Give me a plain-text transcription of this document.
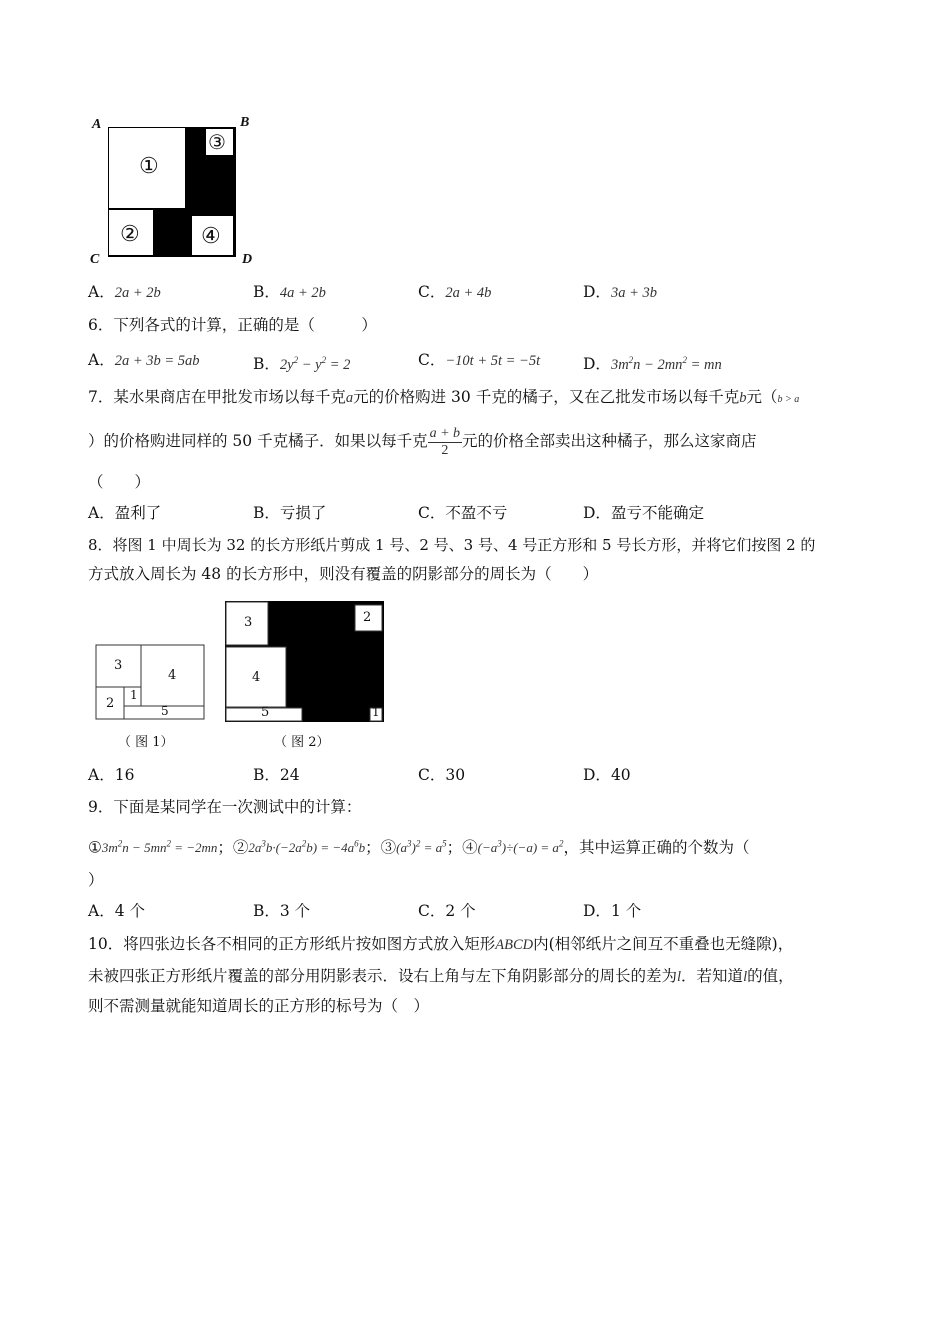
A	B
C	D
①
②
③
④
A．2a + 2b	B．4a + 2b	C．2a + 4b	D．3a + 3b
6．下列各式的计算，正确的是（　　　）
A．2a + 3b = 5ab	B．$2y^2 - y^2 = 2$	C．−10t + 5t = −5t	D．$3m^2n - 2mn^2$ = mn
7．某水果商店在甲批发市场以每千克a元的价格购进 30 千克的橘子，又在乙批发市场以每千克b元（b > a
）的价格购进同样的 50 千克橘子．如果以每千克 $\frac{a + b}{2}$ 元的价格全部卖出这种橘子，那么这家商店
（　　）
A．盈利了	B．亏损了	C．不盈不亏	D．盈亏不能确定
8．将图 1 中周长为 32 的长方形纸片剪成 1 号、2 号、3 号、4 号正方形和 5 号长方形，并将它们按图 2 的
方式放入周长为 48 的长方形中，则没有覆盖的阴影部分的周长为（　　）
3
4
2
1
5
（ 图 1）
3
4
2
5	1
（ 图 2）
A．16	B．24	C．30	D．40
9．下面是某同学在一次测试中的计算：
$①3m^2n - 5mn^2 = -2mn$；$②2a^3b\cdot(-2a^2b) = -4a^6b$；$③(a^3)^2 = a^5$；$④(-a^3)\div(-a) = a^2$，其中运算正确的个数为（
）
A．4 个	B．3 个	C．2 个	D．1 个
10．将四张边长各不相同的正方形纸片按如图方式放入矩形ABCD内(相邻纸片之间互不重叠也无缝隙)，
未被四张正方形纸片覆盖的部分用阴影表示．设右上角与左下角阴影部分的周长的差为l．若知道l的值，
则不需测量就能知道周长的正方形的标号为（　）
